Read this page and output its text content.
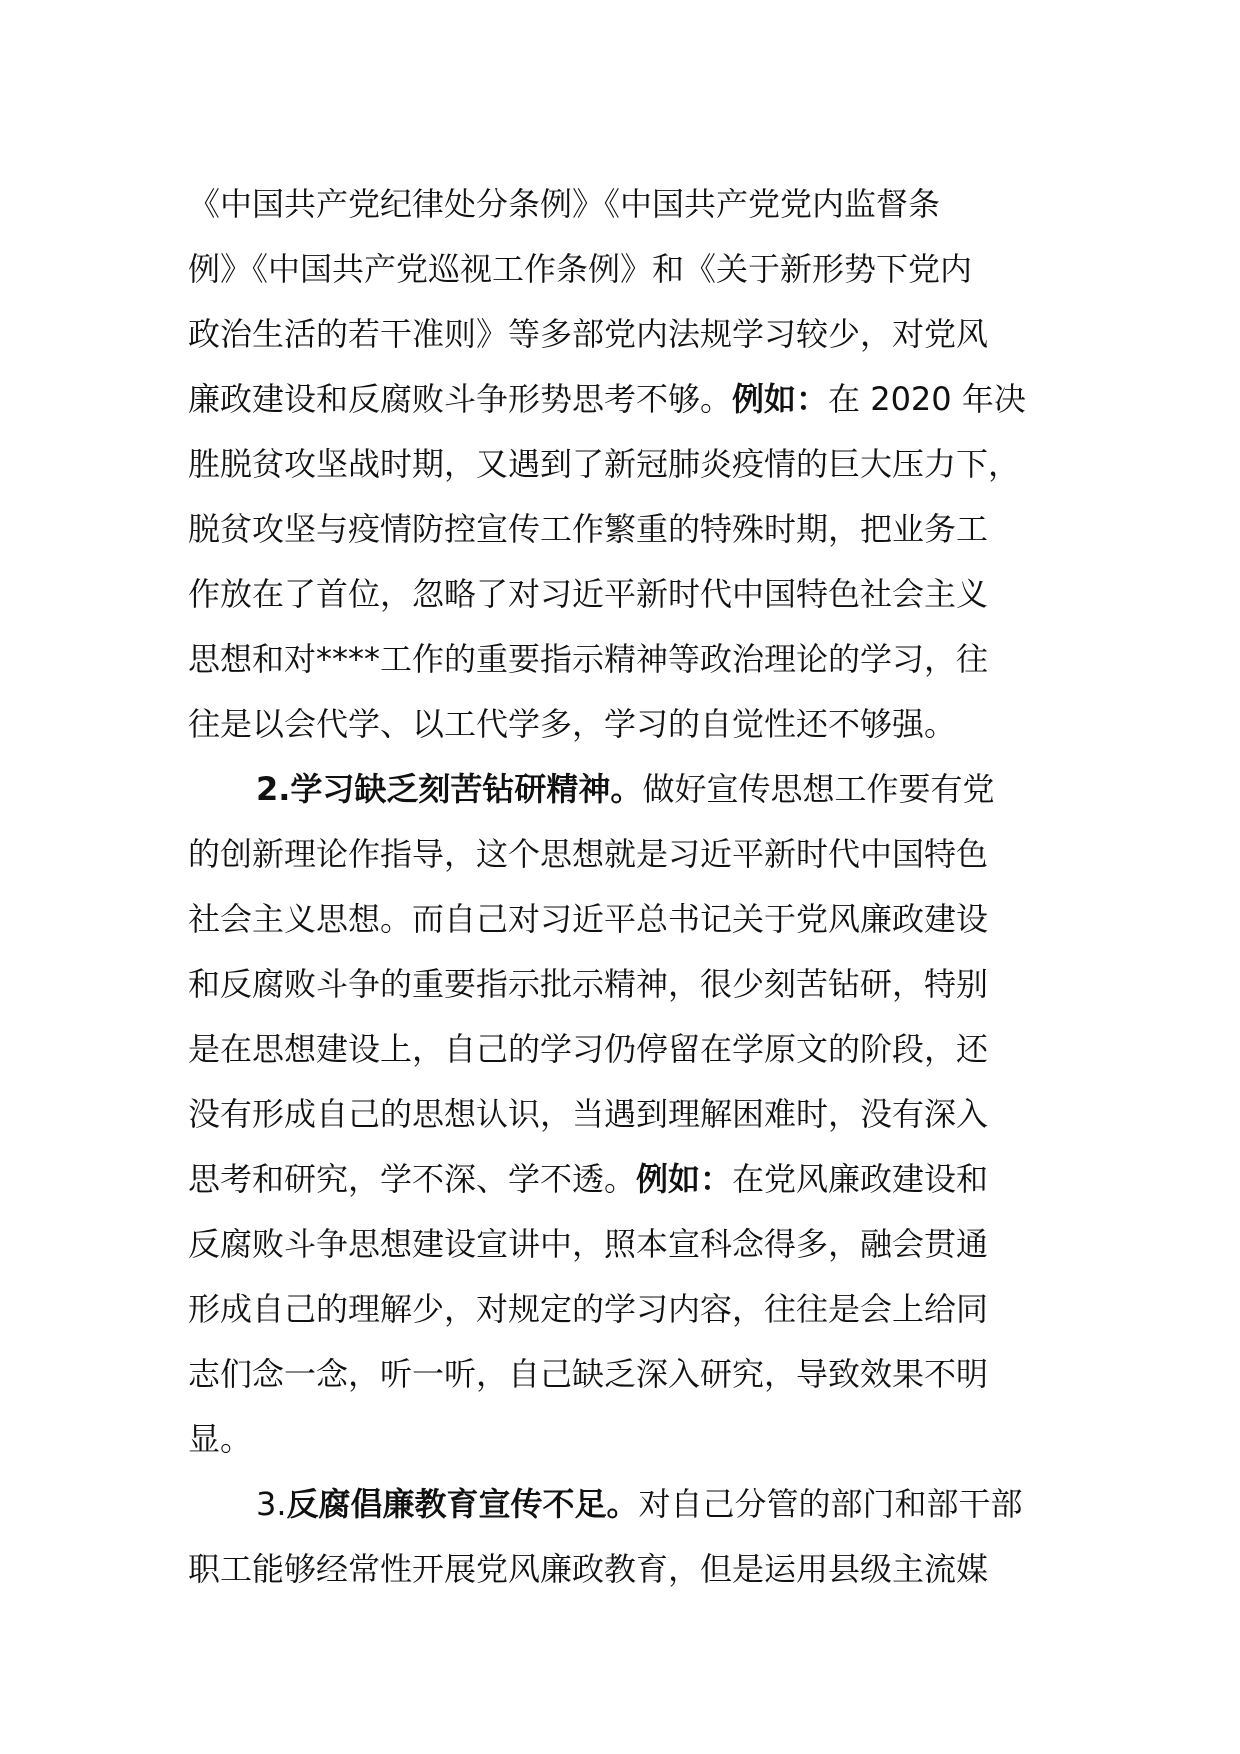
《中国共产党纪律处分条例》《中国共产党党内监督条
例》《中国共产党巡视工作条例》和《关于新形势下党内
政治生活的若干准则》等多部党内法规学习较少，对党风
廉政建设和反腐败斗争形势思考不够。例如：在 2020 年决
胜脱贫攻坚战时期，又遇到了新冠肺炎疫情的巨大压力下，
脱贫攻坚与疫情防控宣传工作繁重的特殊时期，把业务工
作放在了首位，忽略了对习近平新时代中国特色社会主义
思想和对****工作的重要指示精神等政治理论的学习，往
往是以会代学、以工代学多，学习的自觉性还不够强。
2.学习缺乏刻苦钻研精神。做好宣传思想工作要有党
的创新理论作指导，这个思想就是习近平新时代中国特色
社会主义思想。而自己对习近平总书记关于党风廉政建设
和反腐败斗争的重要指示批示精神，很少刻苦钻研，特别
是在思想建设上，自己的学习仍停留在学原文的阶段，还
没有形成自己的思想认识，当遇到理解困难时，没有深入
思考和研究，学不深、学不透。例如：在党风廉政建设和
反腐败斗争思想建设宣讲中，照本宣科念得多，融会贯通
形成自己的理解少，对规定的学习内容，往往是会上给同
志们念一念，听一听，自己缺乏深入研究，导致效果不明
显。
3.反腐倡廉教育宣传不足。对自己分管的部门和部干部
职工能够经常性开展党风廉政教育，但是运用县级主流媒
